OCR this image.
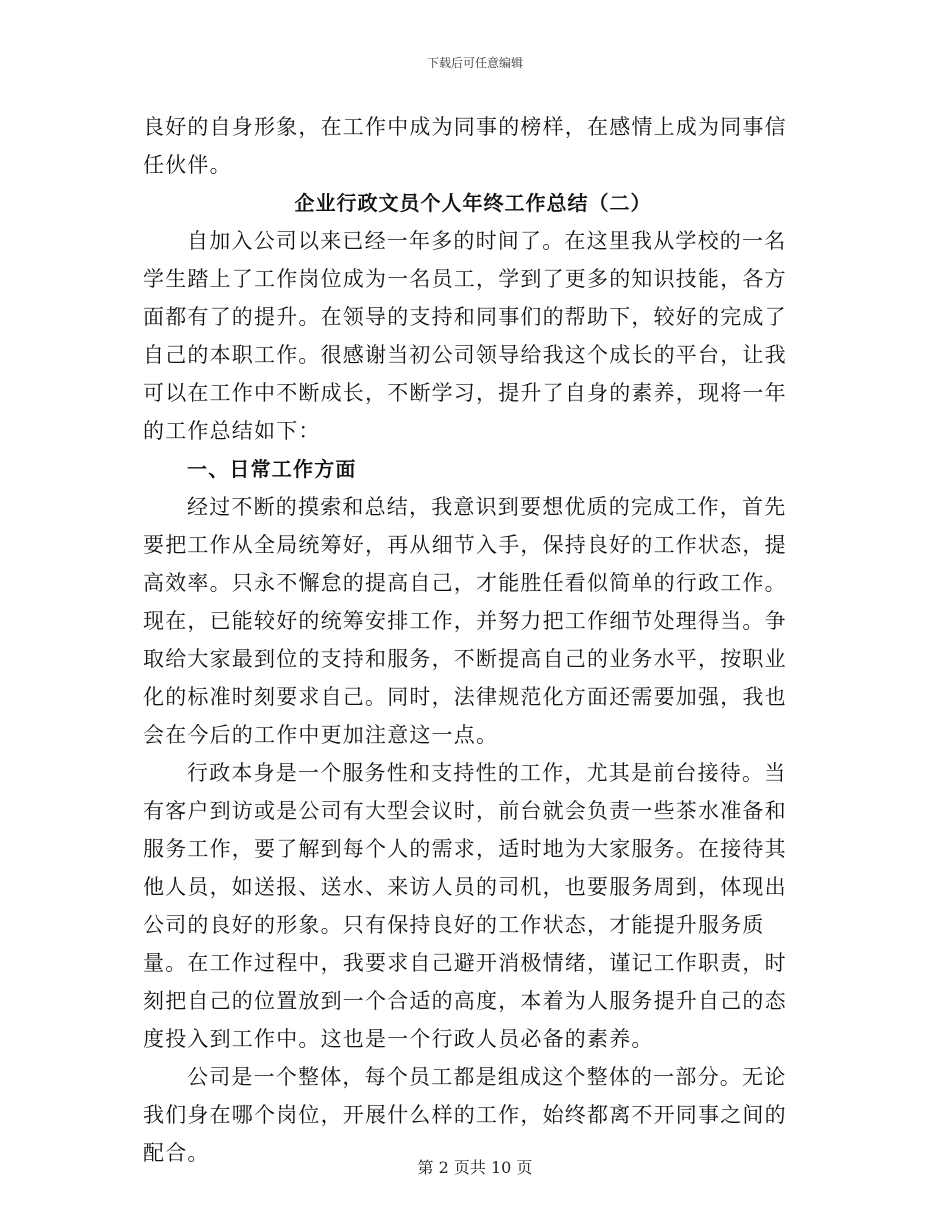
下载后可任意编辑

良好的自身形象，在工作中成为同事的榜样，在感情上成为同事信任伙伴。

企业行政文员个人年终工作总结（二）

自加入公司以来已经一年多的时间了。在这里我从学校的一名学生踏上了工作岗位成为一名员工，学到了更多的知识技能，各方面都有了的提升。在领导的支持和同事们的帮助下，较好的完成了自己的本职工作。很感谢当初公司领导给我这个成长的平台，让我可以在工作中不断成长，不断学习，提升了自身的素养，现将一年的工作总结如下：

一、日常工作方面

经过不断的摸索和总结，我意识到要想优质的完成工作，首先要把工作从全局统筹好，再从细节入手，保持良好的工作状态，提高效率。只永不懈怠的提高自己，才能胜任看似简单的行政工作。现在，已能较好的统筹安排工作，并努力把工作细节处理得当。争取给大家最到位的支持和服务，不断提高自己的业务水平，按职业化的标准时刻要求自己。同时，法律规范化方面还需要加强，我也会在今后的工作中更加注意这一点。

行政本身是一个服务性和支持性的工作，尤其是前台接待。当有客户到访或是公司有大型会议时，前台就会负责一些茶水准备和服务工作，要了解到每个人的需求，适时地为大家服务。在接待其他人员，如送报、送水、来访人员的司机，也要服务周到，体现出公司的良好的形象。只有保持良好的工作状态，才能提升服务质量。在工作过程中，我要求自己避开消极情绪，谨记工作职责，时刻把自己的位置放到一个合适的高度，本着为人服务提升自己的态度投入到工作中。这也是一个行政人员必备的素养。

公司是一个整体，每个员工都是组成这个整体的一部分。无论我们身在哪个岗位，开展什么样的工作，始终都离不开同事之间的配合。

第 2 页共 10 页
